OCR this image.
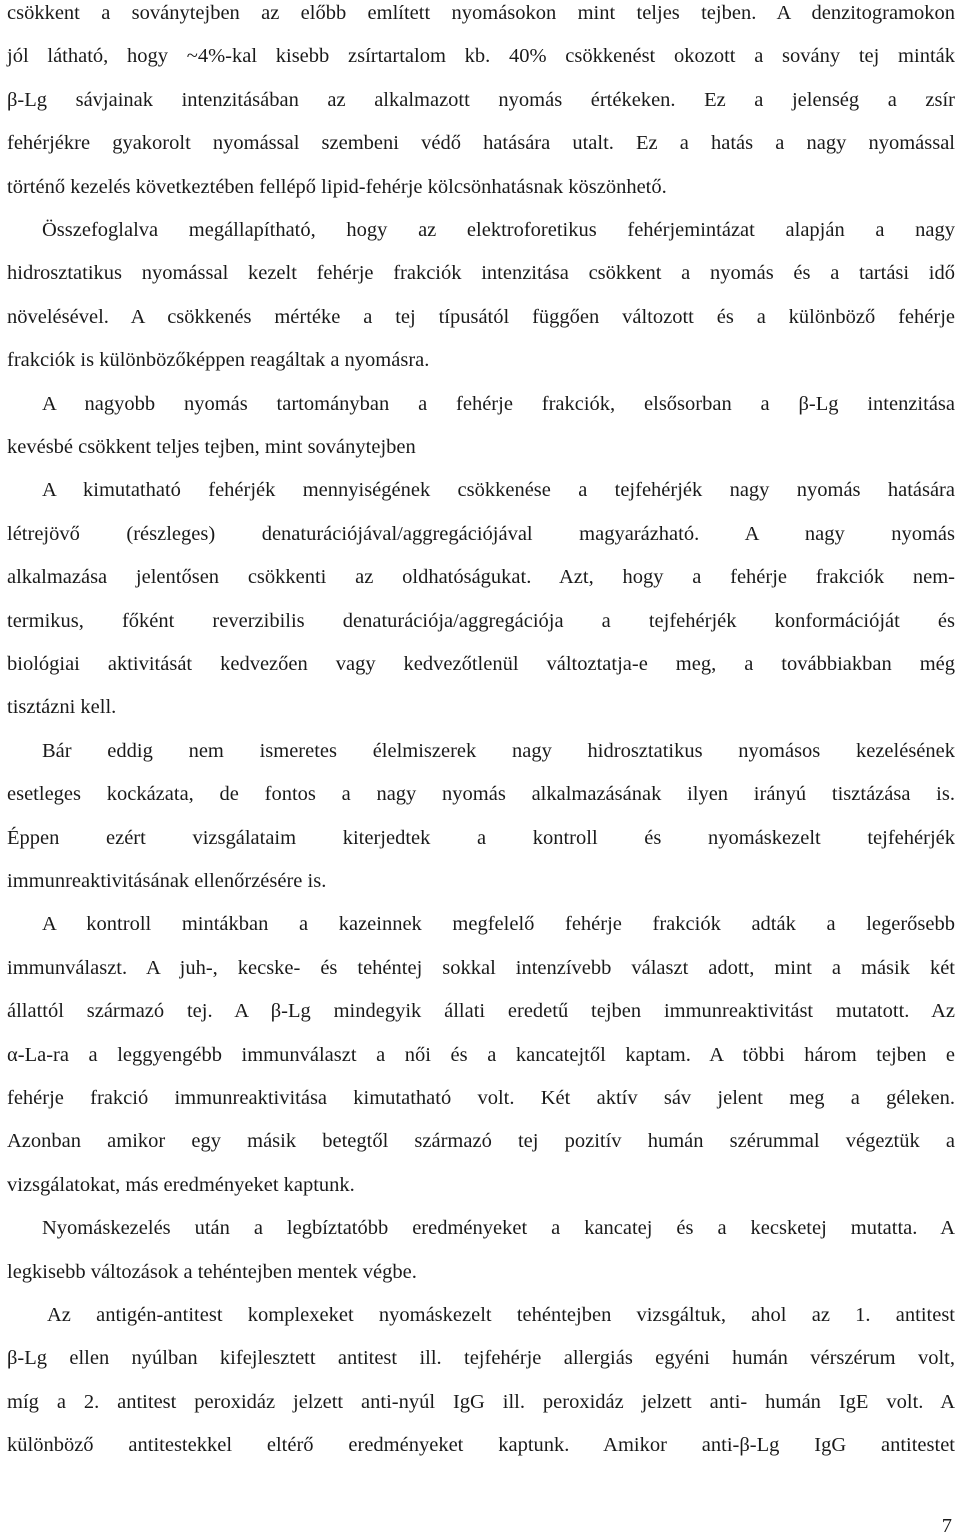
csökkent a soványtejben az előbb említett nyomásokon mint teljes tejben. A denzitogramokon
jól látható, hogy ~4%-kal kisebb zsírtartalom kb. 40% csökkenést okozott a sovány tej minták
β-Lg sávjainak intenzitásában az alkalmazott nyomás értékeken. Ez a jelenség a zsír
fehérjékre gyakorolt nyomással szembeni védő hatására utalt. Ez a hatás a nagy nyomással
történő kezelés következtében fellépő lipid-fehérje kölcsönhatásnak köszönhető.
Összefoglalva megállapítható, hogy az elektroforetikus fehérjemintázat alapján a nagy
hidrosztatikus nyomással kezelt fehérje frakciók intenzitása csökkent a nyomás és a tartási idő
növelésével. A csökkenés mértéke a tej típusától függően változott és a különböző fehérje
frakciók is különbözőképpen reagáltak a nyomásra.
A nagyobb nyomás tartományban a fehérje frakciók, elsősorban a β-Lg intenzitása
kevésbé csökkent teljes tejben, mint soványtejben
A kimutatható fehérjék mennyiségének csökkenése a tejfehérjék nagy nyomás hatására
létrejövő (részleges) denaturációjával/aggregációjával magyarázható. A nagy nyomás
alkalmazása jelentősen csökkenti az oldhatóságukat. Azt, hogy a fehérje frakciók nem-
termikus, főként reverzibilis denaturációja/aggregációja a tejfehérjék konformációját és
biológiai aktivitását kedvezően vagy kedvezőtlenül változtatja-e meg, a továbbiakban még
tisztázni kell.
Bár eddig nem ismeretes élelmiszerek nagy hidrosztatikus nyomásos kezelésének
esetleges kockázata, de fontos a nagy nyomás alkalmazásának ilyen irányú tisztázása is.
Éppen ezért vizsgálataim kiterjedtek a kontroll és nyomáskezelt tejfehérjék
immunreaktivitásának ellenőrzésére is.
A kontroll mintákban a kazeinnek megfelelő fehérje frakciók adták a legerősebb
immunválaszt. A juh-, kecske- és tehéntej sokkal intenzívebb választ adott, mint a másik két
állattól származó tej. A β-Lg mindegyik állati eredetű tejben immunreaktivitást mutatott. Az
α-La-ra a leggyengébb immunválaszt a női és a kancatejtől kaptam. A többi három tejben e
fehérje frakció immunreaktivitása kimutatható volt. Két aktív sáv jelent meg a géleken.
Azonban amikor egy másik betegtől származó tej pozitív humán szérummal végeztük a
vizsgálatokat, más eredményeket kaptunk.
Nyomáskezelés után a legbíztatóbb eredményeket a kancatej és a kecsketej mutatta. A
legkisebb változások a tehéntejben mentek végbe.
Az antigén-antitest komplexeket nyomáskezelt tehéntejben vizsgáltuk, ahol az 1. antitest
β-Lg ellen nyúlban kifejlesztett antitest ill. tejfehérje allergiás egyéni humán vérszérum volt,
míg a 2. antitest peroxidáz jelzett anti-nyúl IgG ill. peroxidáz jelzett anti- humán IgE volt. A
különböző antitestekkel eltérő eredményeket kaptunk. Amikor anti-β-Lg IgG antitestet
7
